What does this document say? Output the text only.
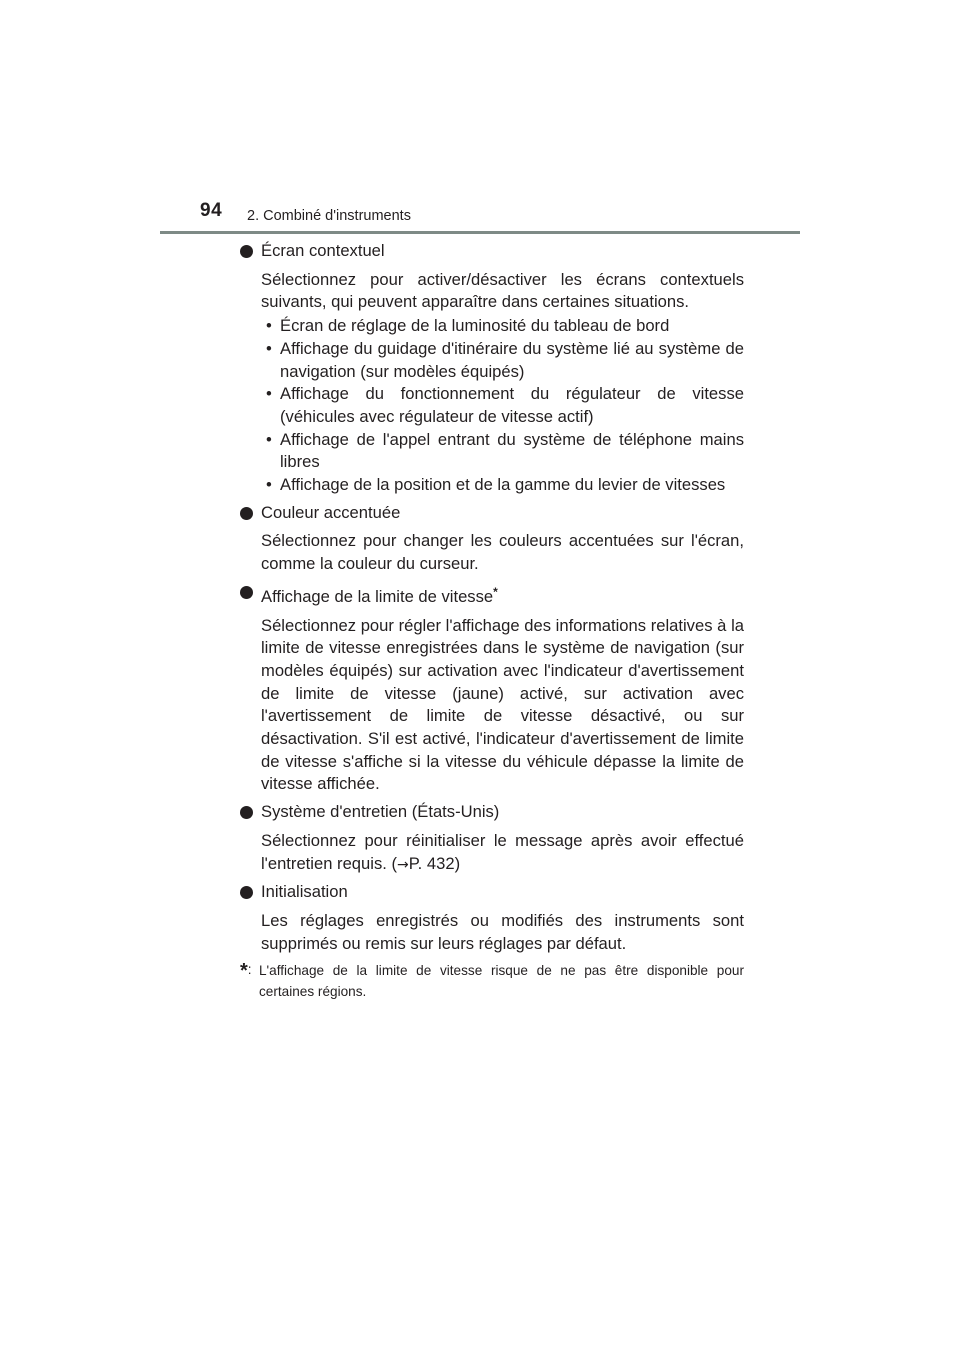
94 2. Combiné d'instruments

Écran contextuel

Sélectionnez pour activer/désactiver les écrans contextuels suivants, qui peuvent apparaître dans certaines situations.

• Écran de réglage de la luminosité du tableau de bord
• Affichage du guidage d'itinéraire du système lié au système de navigation (sur modèles équipés)
• Affichage du fonctionnement du régulateur de vitesse (véhicules avec régulateur de vitesse actif)
• Affichage de l'appel entrant du système de téléphone mains libres
• Affichage de la position et de la gamme du levier de vitesses

Couleur accentuée

Sélectionnez pour changer les couleurs accentuées sur l'écran, comme la couleur du curseur.

Affichage de la limite de vitesse*

Sélectionnez pour régler l'affichage des informations relatives à la limite de vitesse enregistrées dans le système de navigation (sur modèles équipés) sur activation avec l'indicateur d'avertissement de limite de vitesse (jaune) activé, sur activation avec l'avertissement de limite de vitesse désactivé, ou sur désactivation. S'il est activé, l'indicateur d'avertissement de limite de vitesse s'affiche si la vitesse du véhicule dépasse la limite de vitesse affichée.

Système d'entretien (États-Unis)

Sélectionnez pour réinitialiser le message après avoir effectué l'entretien requis. (→P. 432)

Initialisation

Les réglages enregistrés ou modifiés des instruments sont supprimés ou remis sur leurs réglages par défaut.

*: L'affichage de la limite de vitesse risque de ne pas être disponible pour certaines régions.
